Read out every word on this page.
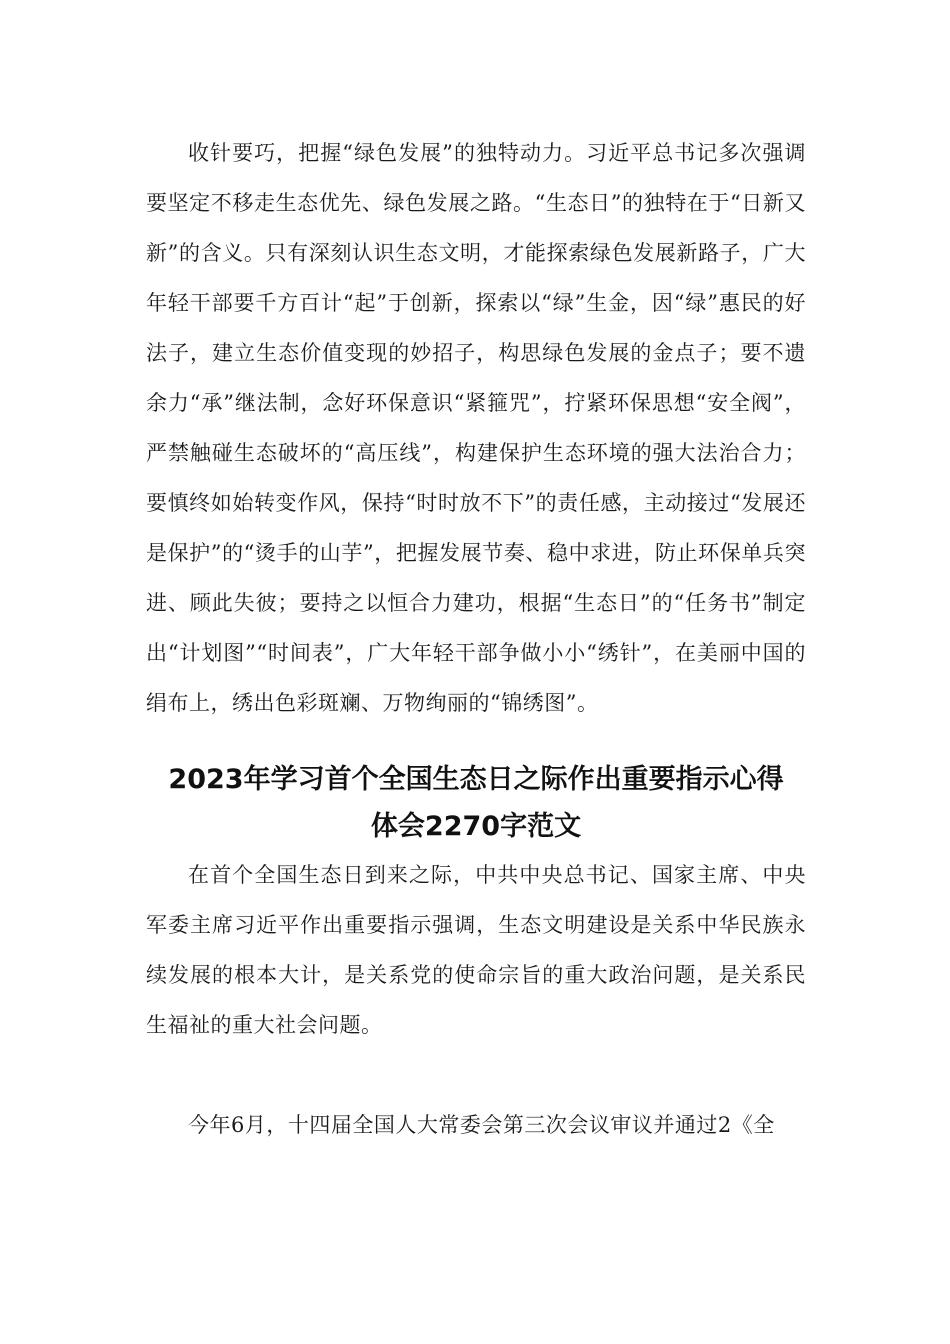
收针要巧，把握“绿色发展”的独特动力。习近平总书记多次强调要坚定不移走生态优先、绿色发展之路。“生态日”的独特在于“日新又新”的含义。只有深刻认识生态文明，才能探索绿色发展新路子，广大年轻干部要千方百计“起”于创新，探索以“绿”生金，因“绿”惠民的好法子，建立生态价值变现的妙招子，构思绿色发展的金点子；要不遗余力“承”继法制，念好环保意识“紧箍咒”，拧紧环保思想“安全阀”，严禁触碰生态破坏的“高压线”，构建保护生态环境的强大法治合力；要慎终如始转变作风，保持“时时放不下”的责任感，主动接过“发展还是保护”的“烫手的山芋”，把握发展节奏、稳中求进，防止环保单兵突进、顾此失彼；要持之以恒合力建功，根据“生态日”的“任务书”制定出“计划图”“时间表”，广大年轻干部争做小小“绣针”，在美丽中国的绢布上，绣出色彩斑斓、万物绚丽的“锦绣图”。

2023年学习首个全国生态日之际作出重要指示心得
体会2270字范文

在首个全国生态日到来之际，中共中央总书记、国家主席、中央军委主席习近平作出重要指示强调，生态文明建设是关系中华民族永续发展的根本大计，是关系党的使命宗旨的重大政治问题，是关系民生福祉的重大社会问题。

今年6月，十四届全国人大常委会第三次会议审议并通过2《全
